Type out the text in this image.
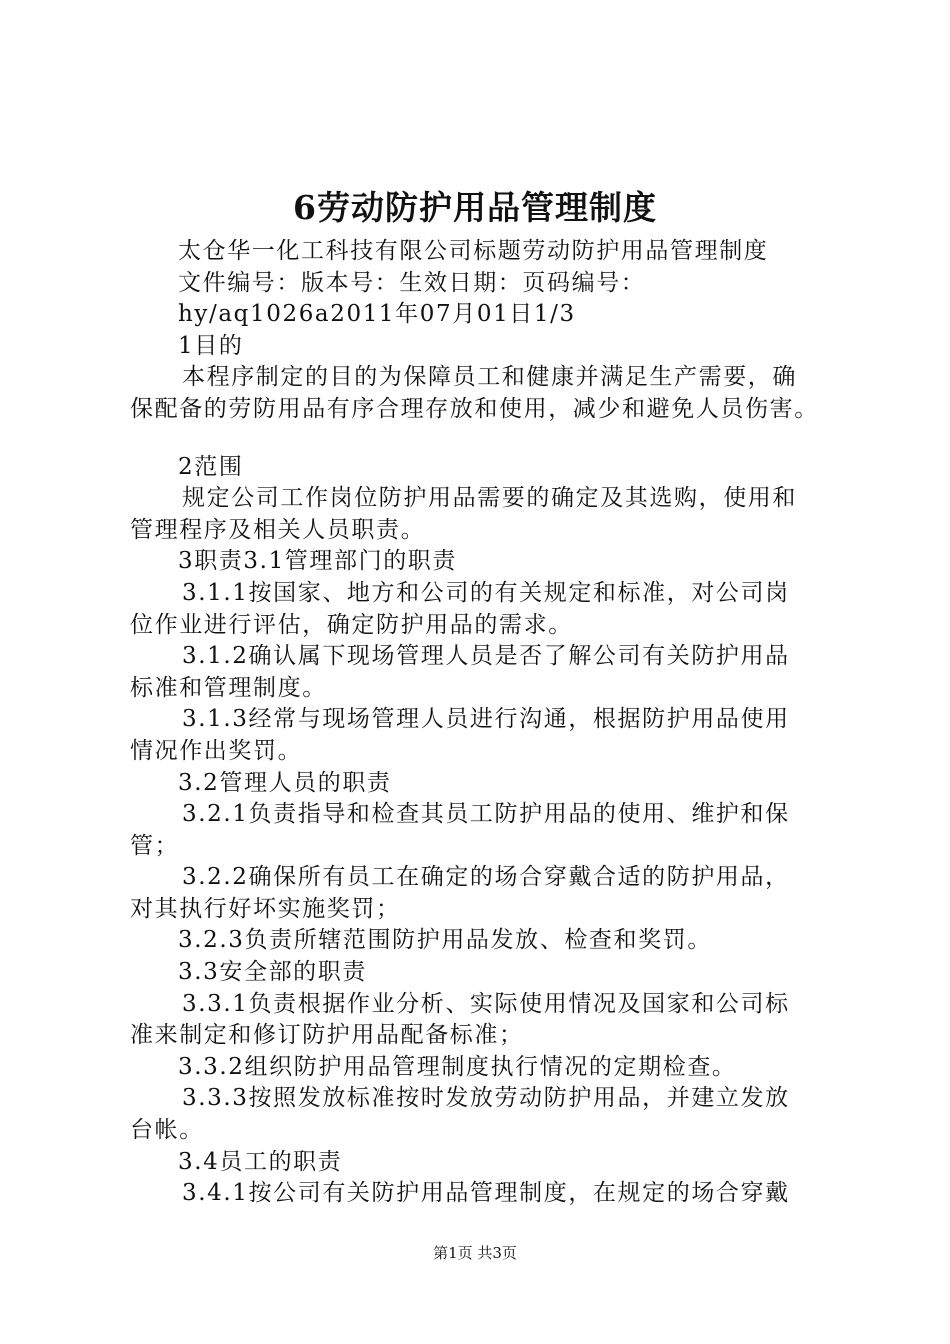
6劳动防护用品管理制度
太仓华一化工科技有限公司标题劳动防护用品管理制度
文件编号：版本号：生效日期：页码编号：
hy/aq1026a2011年07月01日1/3
1目的
本程序制定的目的为保障员工和健康并满足生产需要，确
保配备的劳防用品有序合理存放和使用，减少和避免人员伤害。
2范围
规定公司工作岗位防护用品需要的确定及其选购，使用和
管理程序及相关人员职责。
3职责3.1管理部门的职责
3.1.1按国家、地方和公司的有关规定和标准，对公司岗
位作业进行评估，确定防护用品的需求。
3.1.2确认属下现场管理人员是否了解公司有关防护用品
标准和管理制度。
3.1.3经常与现场管理人员进行沟通，根据防护用品使用
情况作出奖罚。
3.2管理人员的职责
3.2.1负责指导和检查其员工防护用品的使用、维护和保
管；
3.2.2确保所有员工在确定的场合穿戴合适的防护用品，
对其执行好坏实施奖罚；
3.2.3负责所辖范围防护用品发放、检查和奖罚。
3.3安全部的职责
3.3.1负责根据作业分析、实际使用情况及国家和公司标
准来制定和修订防护用品配备标准；
3.3.2组织防护用品管理制度执行情况的定期检查。
3.3.3按照发放标准按时发放劳动防护用品，并建立发放
台帐。
3.4员工的职责
3.4.1按公司有关防护用品管理制度，在规定的场合穿戴
第1页 共3页
